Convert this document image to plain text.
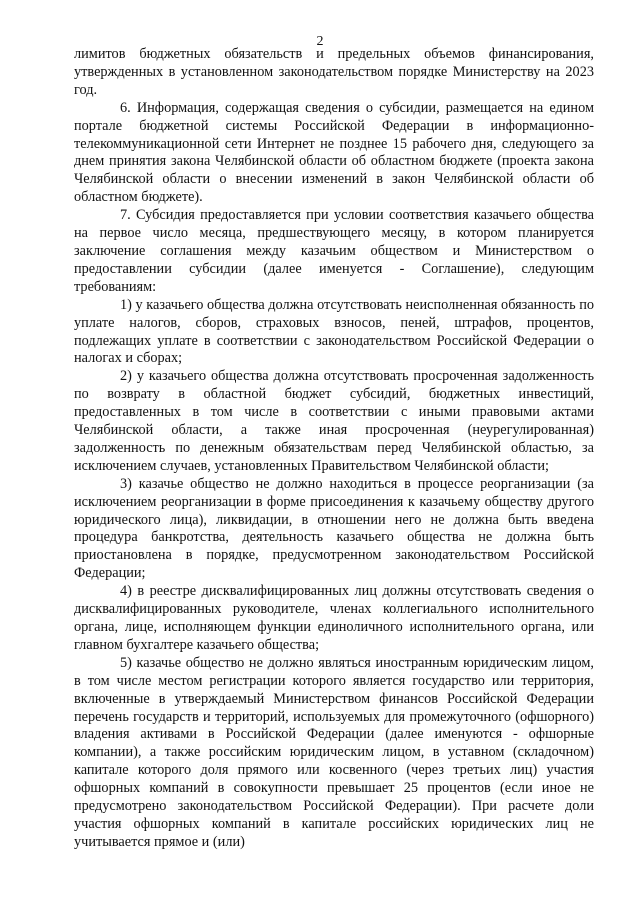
2

лимитов бюджетных обязательств и предельных объемов финансирования, утвержденных в установленном законодательством порядке Министерству на 2023 год.

6. Информация, содержащая сведения о субсидии, размещается на едином портале бюджетной системы Российской Федерации в информационно-телекоммуникационной сети Интернет не позднее 15 рабочего дня, следующего за днем принятия закона Челябинской области об областном бюджете (проекта закона Челябинской области о внесении изменений в закон Челябинской области об областном бюджете).

7. Субсидия предоставляется при условии соответствия казачьего общества на первое число месяца, предшествующего месяцу, в котором планируется заключение соглашения между казачьим обществом и Министерством о предоставлении субсидии (далее именуется - Соглашение), следующим требованиям:

1) у казачьего общества должна отсутствовать неисполненная обязанность по уплате налогов, сборов, страховых взносов, пеней, штрафов, процентов, подлежащих уплате в соответствии с законодательством Российской Федерации о налогах и сборах;

2) у казачьего общества должна отсутствовать просроченная задолженность по возврату в областной бюджет субсидий, бюджетных инвестиций, предоставленных в том числе в соответствии с иными правовыми актами Челябинской области, а также иная просроченная (неурегулированная) задолженность по денежным обязательствам перед Челябинской областью, за исключением случаев, установленных Правительством Челябинской области;

3) казачье общество не должно находиться в процессе реорганизации (за исключением реорганизации в форме присоединения к казачьему обществу другого юридического лица), ликвидации, в отношении него не должна быть введена процедура банкротства, деятельность казачьего общества не должна быть приостановлена в порядке, предусмотренном законодательством Российской Федерации;

4) в реестре дисквалифицированных лиц должны отсутствовать сведения о дисквалифицированных руководителе, членах коллегиального исполнительного органа, лице, исполняющем функции единоличного исполнительного органа, или главном бухгалтере казачьего общества;

5) казачье общество не должно являться иностранным юридическим лицом, в том числе местом регистрации которого является государство или территория, включенные в утверждаемый Министерством финансов Российской Федерации перечень государств и территорий, используемых для промежуточного (офшорного) владения активами в Российской Федерации (далее именуются - офшорные компании), а также российским юридическим лицом, в уставном (складочном) капитале которого доля прямого или косвенного (через третьих лиц) участия офшорных компаний в совокупности превышает 25 процентов (если иное не предусмотрено законодательством Российской Федерации). При расчете доли участия офшорных компаний в капитале российских юридических лиц не учитывается прямое и (или)
